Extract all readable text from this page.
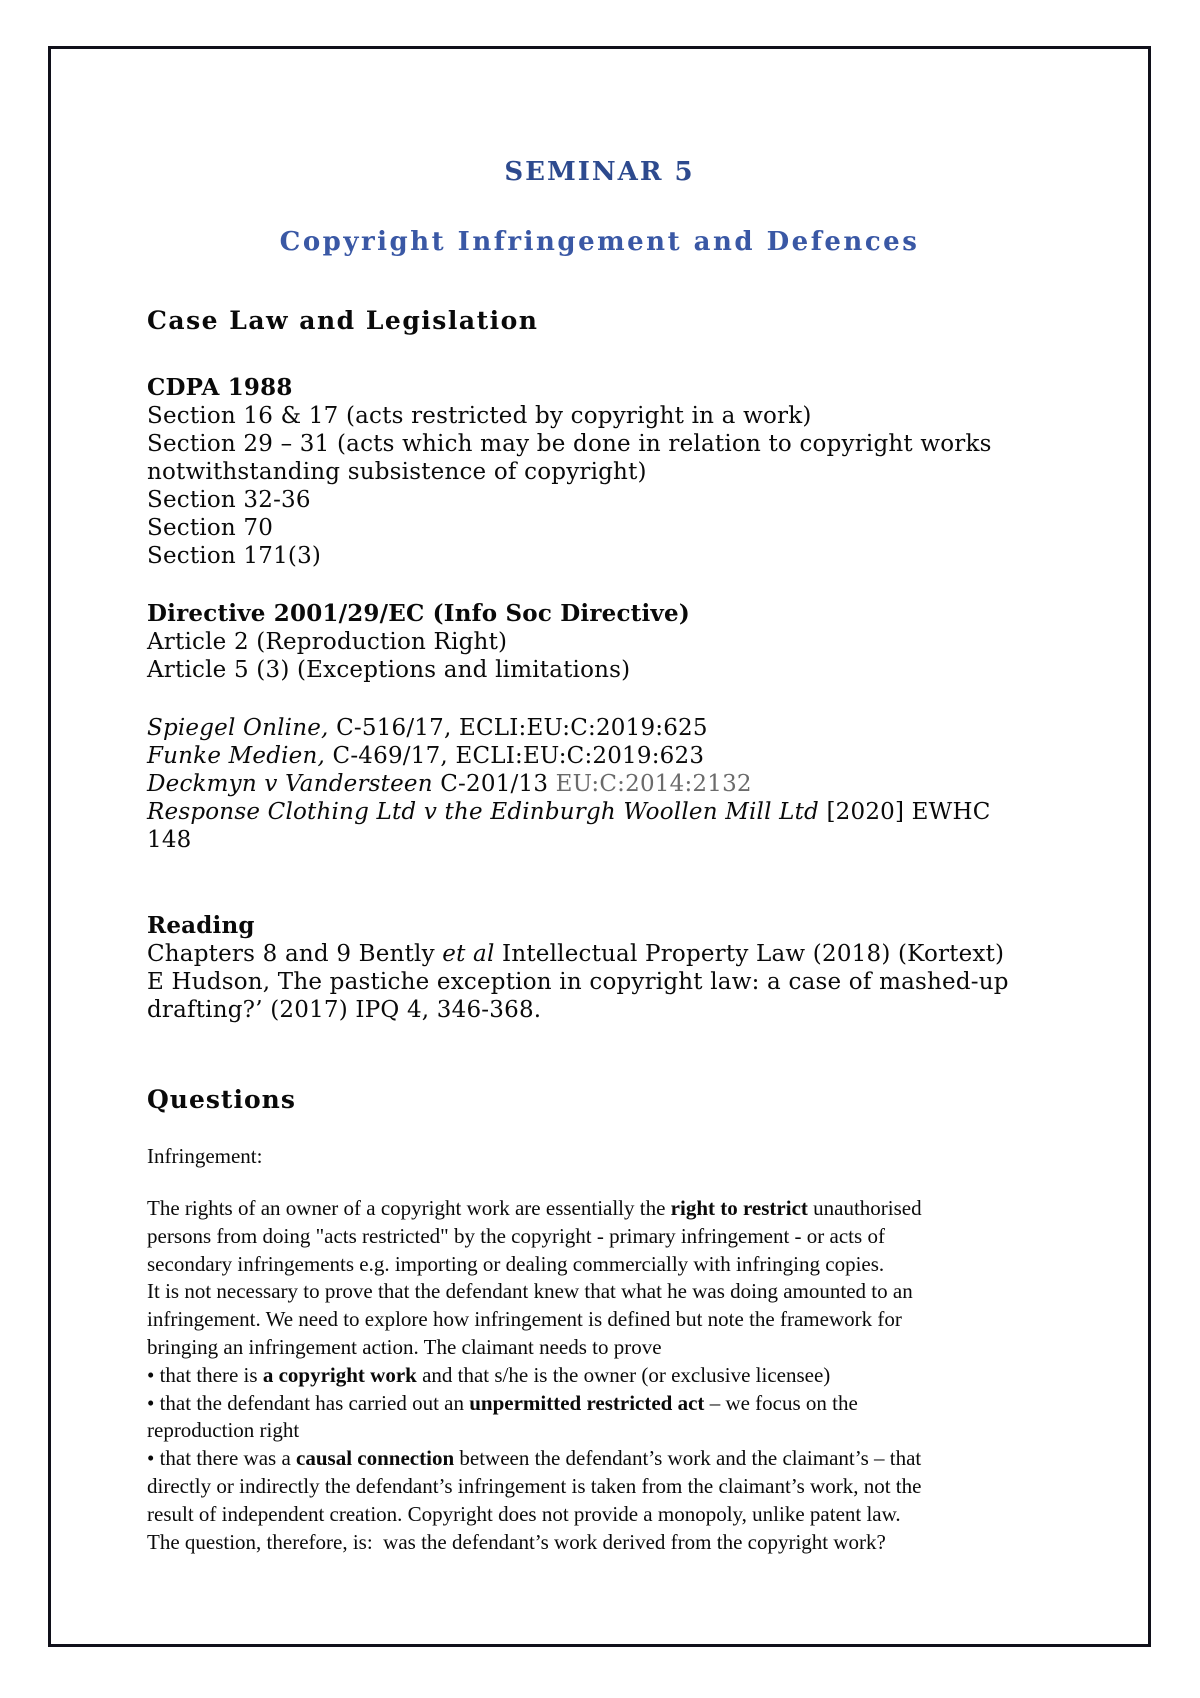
SEMINAR 5
Copyright Infringement and Defences
Case Law and Legislation
CDPA 1988
Section 16 & 17 (acts restricted by copyright in a work)
Section 29 – 31 (acts which may be done in relation to copyright works
notwithstanding subsistence of copyright)
Section 32-36
Section 70
Section 171(3)
Directive 2001/29/EC (Info Soc Directive)
Article 2 (Reproduction Right)
Article 5 (3) (Exceptions and limitations)
Spiegel Online, C-516/17, ECLI:EU:C:2019:625
Funke Medien, C-469/17, ECLI:EU:C:2019:623
Deckmyn v Vandersteen C-201/13 EU:C:2014:2132
Response Clothing Ltd v the Edinburgh Woollen Mill Ltd [2020] EWHC
148
Reading
Chapters 8 and 9 Bently et al Intellectual Property Law (2018) (Kortext)
E Hudson, The pastiche exception in copyright law: a case of mashed-up
drafting?’ (2017) IPQ 4, 346-368.
Questions
Infringement:
The rights of an owner of a copyright work are essentially the right to restrict unauthorised
persons from doing "acts restricted" by the copyright - primary infringement - or acts of
secondary infringements e.g. importing or dealing commercially with infringing copies.
It is not necessary to prove that the defendant knew that what he was doing amounted to an
infringement. We need to explore how infringement is defined but note the framework for
bringing an infringement action. The claimant needs to prove
• that there is a copyright work and that s/he is the owner (or exclusive licensee)
• that the defendant has carried out an unpermitted restricted act – we focus on the
reproduction right
• that there was a causal connection between the defendant’s work and the claimant’s – that
directly or indirectly the defendant’s infringement is taken from the claimant’s work, not the
result of independent creation. Copyright does not provide a monopoly, unlike patent law.
The question, therefore, is:  was the defendant’s work derived from the copyright work?
